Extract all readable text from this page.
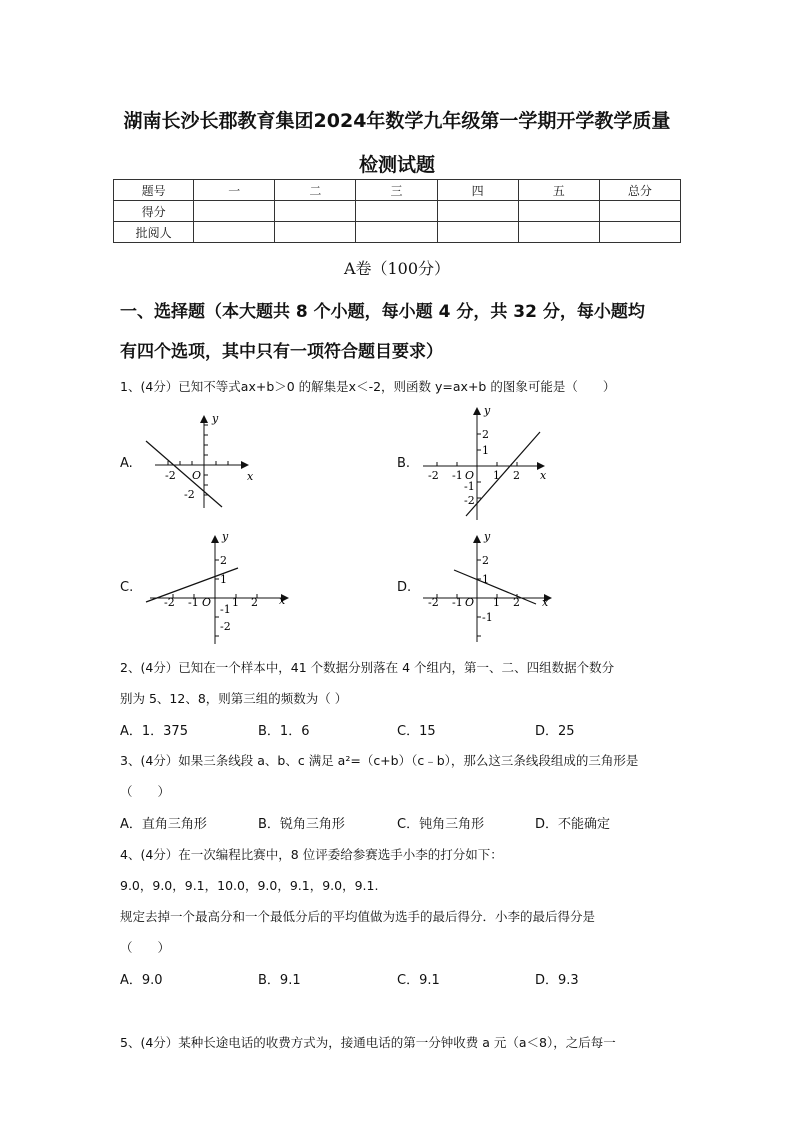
湖南长沙长郡教育集团2024年数学九年级第一学期开学教学质量
检测试题
题号	一	二	三	四	五	总分
得分						
批阅人						
A卷（100分）
一、选择题（本大题共 8 个小题，每小题 4 分，共 32 分，每小题均
有四个选项，其中只有一项符合题目要求）
1、(4分）已知不等式ax+b＞0 的解集是x＜-2，则函数 y=ax+b 的图象可能是（　　）
A.
y
x
O
-2
-2
B.
y
x
2
1
-2 -1 O 1 2
-1
-2
C.
y
x
2
1
-2 -1 O 1 2
-1
-2
D.
y
x
2
1
-2 -1 O 1 2
-1
2、(4分）已知在一个样本中，41 个数据分别落在 4 个组内，第一、二、四组数据个数分
别为 5、12、8，则第三组的频数为（ ）
A．1．375	B．1．6	C．15	D．25
3、(4分）如果三条线段 a、b、c 满足 a²=（c+b）（c﹣b），那么这三条线段组成的三角形是
（　　）
A．直角三角形	B．锐角三角形	C．钝角三角形	D．不能确定
4、(4分）在一次编程比赛中，8 位评委给参赛选手小李的打分如下：
9.0，9.0，9.1，10.0，9.0，9.1，9.0，9.1.
规定去掉一个最高分和一个最低分后的平均值做为选手的最后得分．小李的最后得分是
（　　）
A．9.0	B．9.1	C．9.1	D．9.3
5、(4分）某种长途电话的收费方式为，接通电话的第一分钟收费 a 元（a＜8），之后每一
